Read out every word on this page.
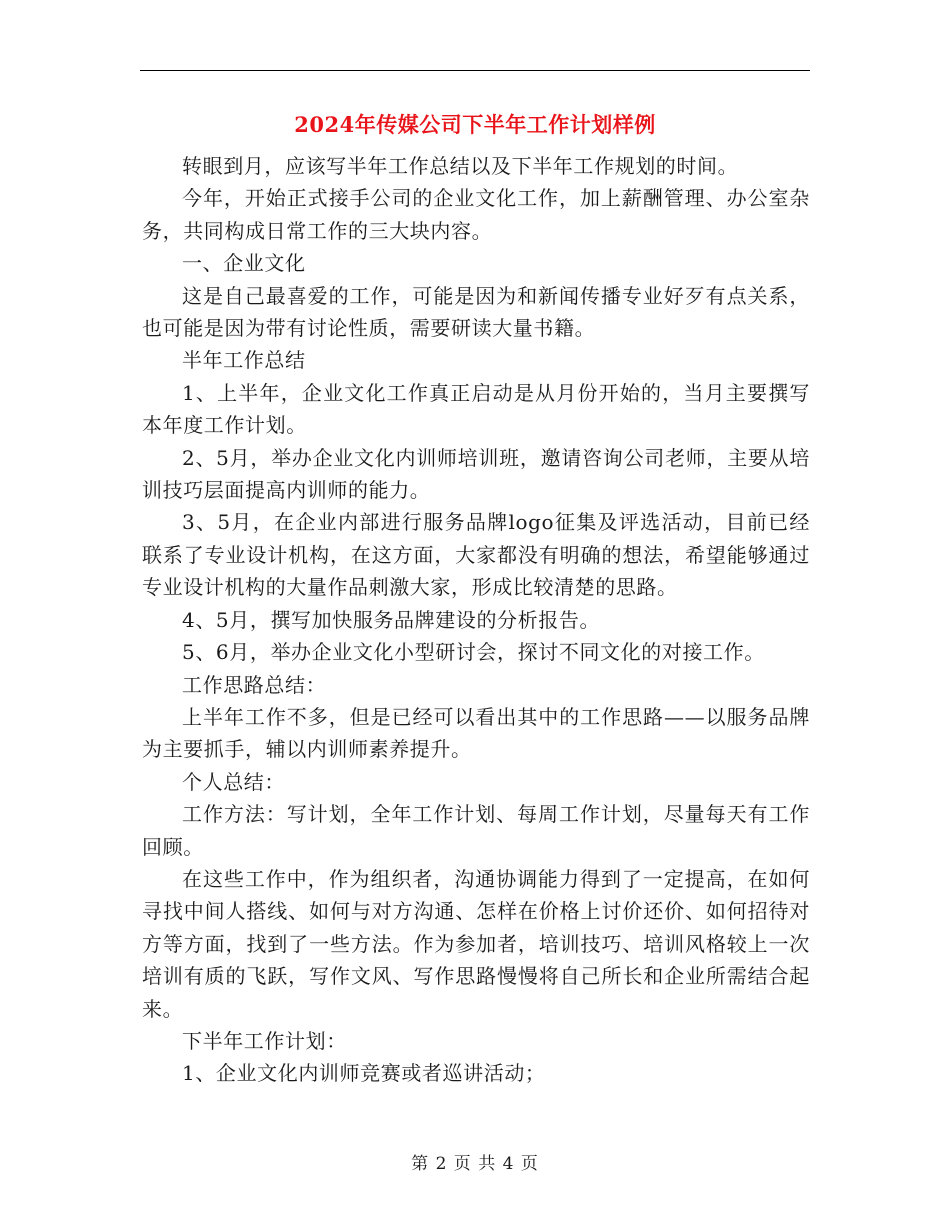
2024年传媒公司下半年工作计划样例

转眼到月，应该写半年工作总结以及下半年工作规划的时间。

今年，开始正式接手公司的企业文化工作，加上薪酬管理、办公室杂务，共同构成日常工作的三大块内容。

一、企业文化

这是自己最喜爱的工作，可能是因为和新闻传播专业好歹有点关系，也可能是因为带有讨论性质，需要研读大量书籍。

半年工作总结

1、上半年，企业文化工作真正启动是从月份开始的，当月主要撰写本年度工作计划。

2、5月，举办企业文化内训师培训班，邀请咨询公司老师，主要从培训技巧层面提高内训师的能力。

3、5月，在企业内部进行服务品牌logo征集及评选活动，目前已经联系了专业设计机构，在这方面，大家都没有明确的想法，希望能够通过专业设计机构的大量作品刺激大家，形成比较清楚的思路。

4、5月，撰写加快服务品牌建设的分析报告。

5、6月，举办企业文化小型研讨会，探讨不同文化的对接工作。

工作思路总结：

上半年工作不多，但是已经可以看出其中的工作思路——以服务品牌为主要抓手，辅以内训师素养提升。

个人总结：

工作方法：写计划，全年工作计划、每周工作计划，尽量每天有工作回顾。

在这些工作中，作为组织者，沟通协调能力得到了一定提高，在如何寻找中间人搭线、如何与对方沟通、怎样在价格上讨价还价、如何招待对方等方面，找到了一些方法。作为参加者，培训技巧、培训风格较上一次培训有质的飞跃，写作文风、写作思路慢慢将自己所长和企业所需结合起来。

下半年工作计划：

1、企业文化内训师竞赛或者巡讲活动；

第 2 页 共 4 页
